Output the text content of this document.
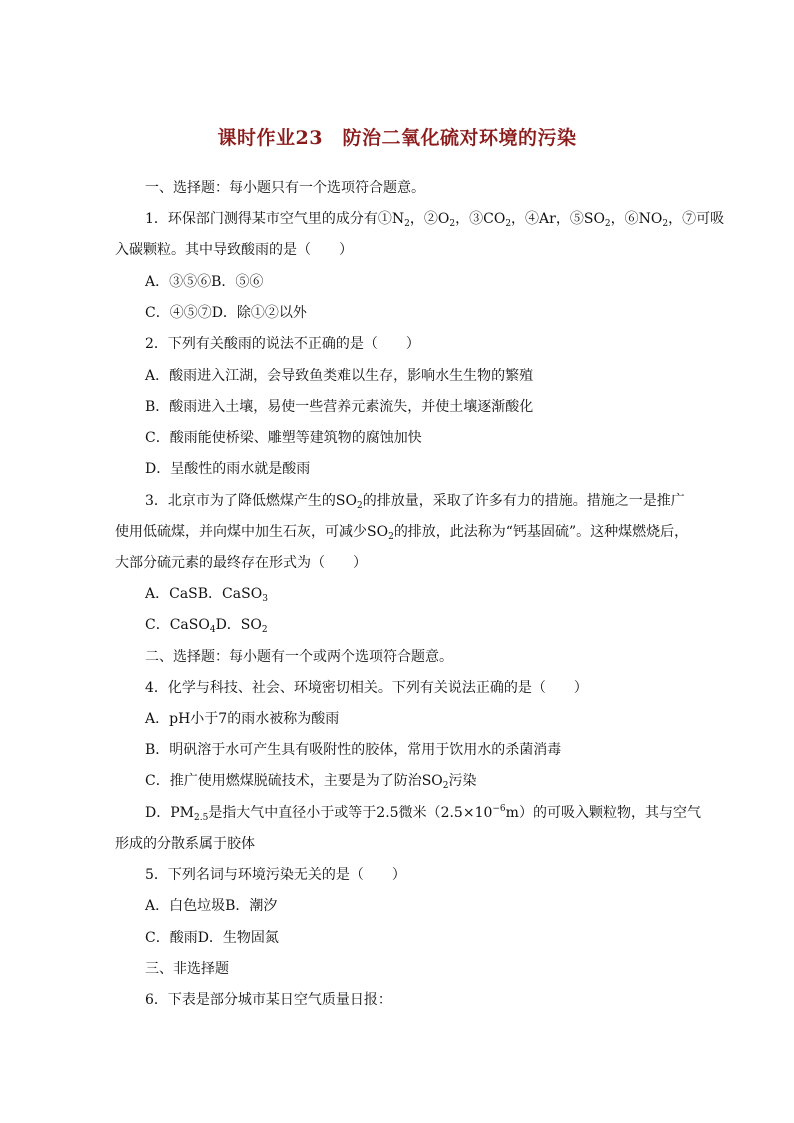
课时作业23　防治二氧化硫对环境的污染
一、选择题：每小题只有一个选项符合题意。
1．环保部门测得某市空气里的成分有$①N_2$，$②O_2$，$③CO_2$，④Ar，$⑤SO_2$，$⑥NO_2$，⑦可吸
入碳颗粒。其中导致酸雨的是（　　）
A．③⑤⑥B．⑤⑥
C．④⑤⑦D．除①②以外
2．下列有关酸雨的说法不正确的是（　　）
A．酸雨进入江湖，会导致鱼类难以生存，影响水生生物的繁殖
B．酸雨进入土壤，易使一些营养元素流失，并使土壤逐渐酸化
C．酸雨能使桥梁、雕塑等建筑物的腐蚀加快
D．呈酸性的雨水就是酸雨
3．北京市为了降低燃煤产生的$SO_2$的排放量，采取了许多有力的措施。措施之一是推广
使用低硫煤，并向煤中加生石灰，可减少$SO_2$的排放，此法称为“钙基固硫”。这种煤燃烧后，
大部分硫元素的最终存在形式为（　　）
A．CaSB．CaSO$_3$
C．CaSO$_4$D．$SO_2$
二、选择题：每小题有一个或两个选项符合题意。
4．化学与科技、社会、环境密切相关。下列有关说法正确的是（　　）
A．pH小于7的雨水被称为酸雨
B．明矾溶于水可产生具有吸附性的胶体，常用于饮用水的杀菌消毒
C．推广使用燃煤脱硫技术，主要是为了防治$SO_2$污染
D．$PM_{2.5}$是指大气中直径小于或等于2.5微米$(2.5\times 10^{-6}m)$的可吸入颗粒物，其与空气
形成的分散系属于胶体
5．下列名词与环境污染无关的是（　　）
A．白色垃圾B．潮汐
C．酸雨D．生物固氮
三、非选择题
6．下表是部分城市某日空气质量日报：
